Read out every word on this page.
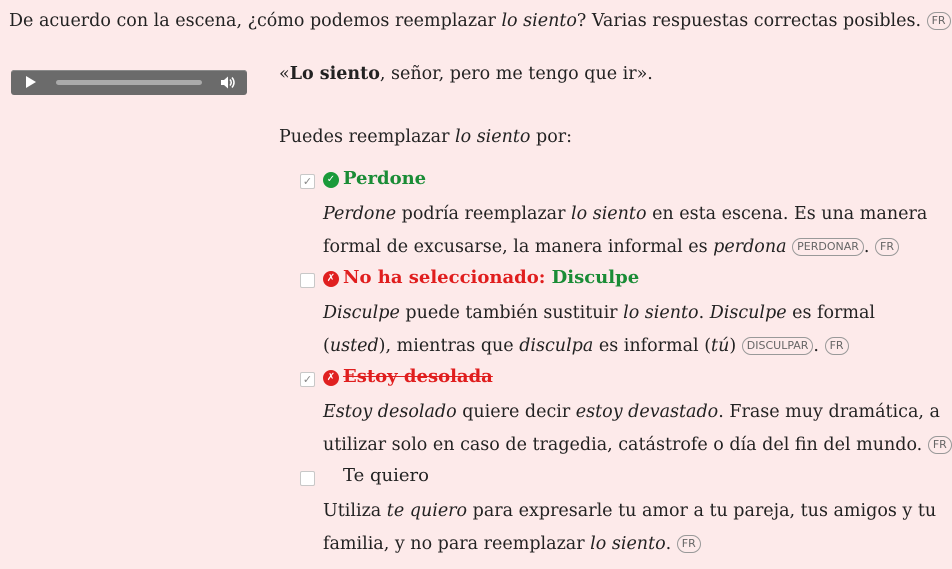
De acuerdo con la escena, ¿cómo podemos reemplazar lo siento? Varias respuestas correctas posibles. FR
«Lo siento, señor, pero me tengo que ir».
Puedes reemplazar lo siento por:
✓	✓ Perdone

Perdone podría reemplazar lo siento en esta escena. Es una manera

formal de excusarse, la manera informal es perdona PERDONAR . FR

✗ No ha seleccionado: Disculpe

Disculpe puede también sustituir lo siento. Disculpe es formal

(usted), mientras que disculpa es informal (tú) DISCULPAR . FR

✓	✗ Estoy desolada

Estoy desolado quiere decir estoy devastado. Frase muy dramática, a

utilizar solo en caso de tragedia, catástrofe o día del fin del mundo. FR

Te quiero

Utiliza te quiero para expresarle tu amor a tu pareja, tus amigos y tu

familia, y no para reemplazar lo siento. FR
